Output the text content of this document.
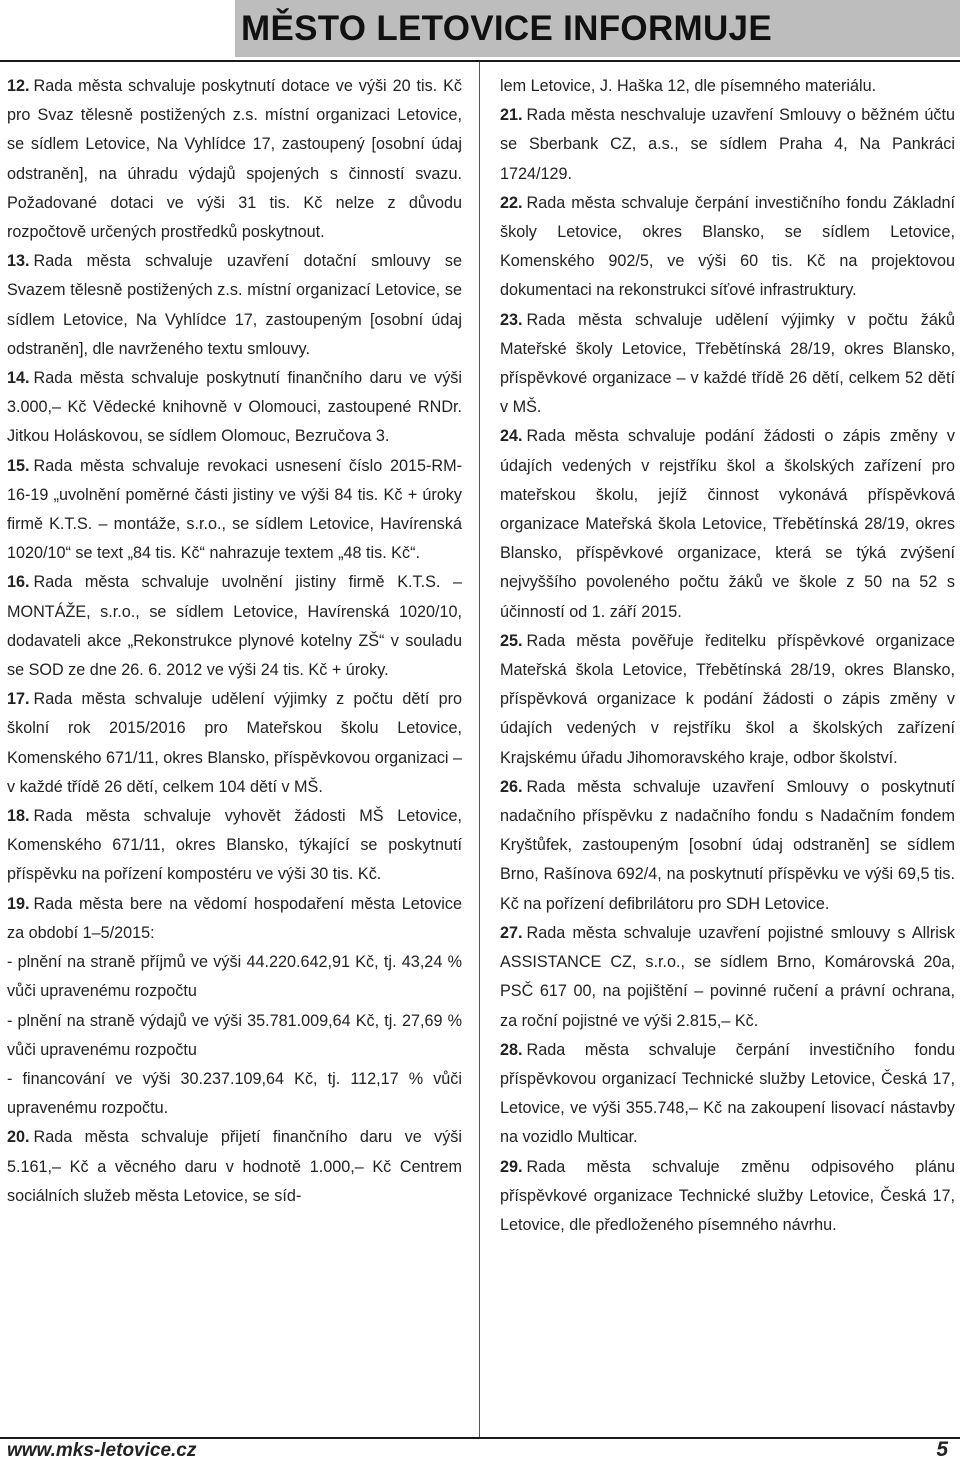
MĚSTO LETOVICE INFORMUJE

12. Rada města schvaluje poskytnutí dotace ve výši 20 tis. Kč pro Svaz tělesně postižených z.s. místní organizaci Letovice, se sídlem Letovice, Na Vyhlídce 17, zastoupený [osobní údaj odstraněn], na úhradu výdajů spojených s činností svazu. Požadované dotaci ve výši 31 tis. Kč nelze z důvodu rozpočtově určených prostředků poskytnout.

13. Rada města schvaluje uzavření dotační smlouvy se Svazem tělesně postižených z.s. místní organizací Letovice, se sídlem Letovice, Na Vyhlídce 17, zastoupeným [osobní údaj odstraněn], dle navrženého textu smlouvy.

14. Rada města schvaluje poskytnutí finančního daru ve výši 3.000,– Kč Vědecké knihovně v Olomouci, zastoupené RNDr. Jitkou Holáskovou, se sídlem Olomouc, Bezručova 3.

15. Rada města schvaluje revokaci usnesení číslo 2015-RM-16-19 „uvolnění poměrné části jistiny ve výši 84 tis. Kč + úroky firmě K.T.S. – montáže, s.r.o., se sídlem Letovice, Havírenská 1020/10“ se text „84 tis. Kč“ nahrazuje textem „48 tis. Kč“.

16. Rada města schvaluje uvolnění jistiny firmě K.T.S. – MONTÁŽE, s.r.o., se sídlem Letovice, Havírenská 1020/10, dodavateli akce „Rekonstrukce plynové kotelny ZŠ“ v souladu se SOD ze dne 26. 6. 2012 ve výši 24 tis. Kč + úroky.

17. Rada města schvaluje udělení výjimky z počtu dětí pro školní rok 2015/2016 pro Mateřskou školu Letovice, Komenského 671/11, okres Blansko, příspěvkovou organizaci – v každé třídě 26 dětí, celkem 104 dětí v MŠ.

18. Rada města schvaluje vyhovět žádosti MŠ Letovice, Komenského 671/11, okres Blansko, týkající se poskytnutí příspěvku na pořízení kompostéru ve výši 30 tis. Kč.

19. Rada města bere na vědomí hospodaření města Letovice za období 1–5/2015:

- plnění na straně příjmů ve výši 44.220.642,91 Kč, tj. 43,24 % vůči upravenému rozpočtu

- plnění na straně výdajů ve výši 35.781.009,64 Kč, tj. 27,69 % vůči upravenému rozpočtu

- financování ve výši 30.237.109,64 Kč, tj. 112,17 % vůči upravenému rozpočtu.

20. Rada města schvaluje přijetí finančního daru ve výši 5.161,– Kč a věcného daru v hodnotě 1.000,– Kč Centrem sociálních služeb města Letovice, se síd-

lem Letovice, J. Haška 12, dle písemného materiálu.

21. Rada města neschvaluje uzavření Smlouvy o běžném účtu se Sberbank CZ, a.s., se sídlem Praha 4, Na Pankráci 1724/129.

22. Rada města schvaluje čerpání investičního fondu Základní školy Letovice, okres Blansko, se sídlem Letovice, Komenského 902/5, ve výši 60 tis. Kč na projektovou dokumentaci na rekonstrukci síťové infrastruktury.

23. Rada města schvaluje udělení výjimky v počtu žáků Mateřské školy Letovice, Třebětínská 28/19, okres Blansko, příspěvkové organizace – v každé třídě 26 dětí, celkem 52 dětí v MŠ.

24. Rada města schvaluje podání žádosti o zápis změny v údajích vedených v rejstříku škol a školských zařízení pro mateřskou školu, jejíž činnost vykonává příspěvková organizace Mateřská škola Letovice, Třebětínská 28/19, okres Blansko, příspěvkové organizace, která se týká zvýšení nejvyššího povoleného počtu žáků ve škole z 50 na 52 s účinností od 1. září 2015.

25. Rada města pověřuje ředitelku příspěvkové organizace Mateřská škola Letovice, Třebětínská 28/19, okres Blansko, příspěvková organizace k podání žádosti o zápis změny v údajích vedených v rejstříku škol a školských zařízení Krajskému úřadu Jihomoravského kraje, odbor školství.

26. Rada města schvaluje uzavření Smlouvy o poskytnutí nadačního příspěvku z nadačního fondu s Nadačním fondem Kryštůfek, zastoupeným [osobní údaj odstraněn] se sídlem Brno, Rašínova 692/4, na poskytnutí příspěvku ve výši 69,5 tis. Kč na pořízení defibrilátoru pro SDH Letovice.

27. Rada města schvaluje uzavření pojistné smlouvy s Allrisk ASSISTANCE CZ, s.r.o., se sídlem Brno, Komárovská 20a, PSČ 617 00, na pojištění – povinné ručení a právní ochrana, za roční pojistné ve výši 2.815,– Kč.

28. Rada města schvaluje čerpání investičního fondu příspěvkovou organizací Technické služby Letovice, Česká 17, Letovice, ve výši 355.748,– Kč na zakoupení lisovací nástavby na vozidlo Multicar.

29. Rada města schvaluje změnu odpisového plánu příspěvkové organizace Technické služby Letovice, Česká 17, Letovice, dle předloženého písemného návrhu.

www.mks-letovice.cz	5
